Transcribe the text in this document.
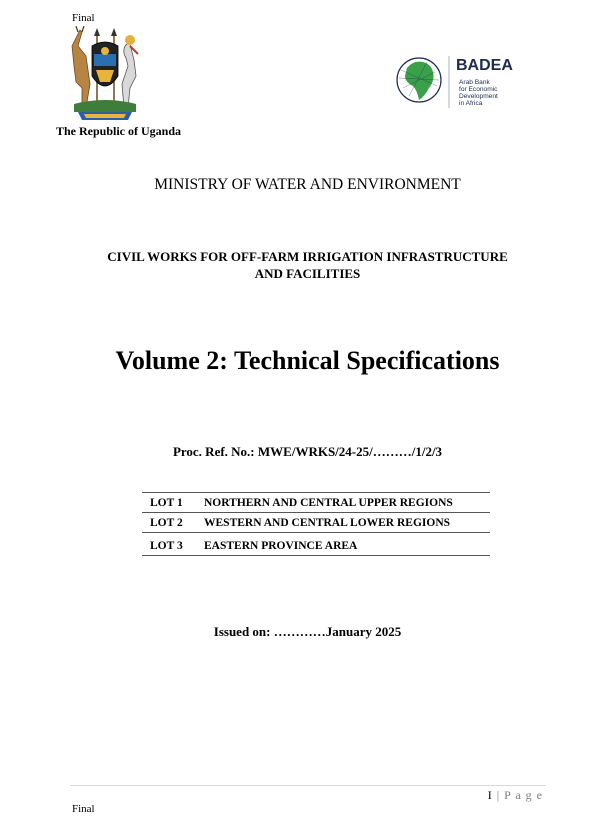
Final
The Republic of Uganda
BADEA
Arab Bank
for Economic
Development
in Africa
MINISTRY OF WATER AND ENVIRONMENT
CIVIL WORKS FOR OFF-FARM IRRIGATION INFRASTRUCTURE
AND FACILITIES
Volume 2: Technical Specifications
Proc. Ref. No.: MWE/WRKS/24-25/………/1/2/3
LOT 1	NORTHERN AND CENTRAL UPPER REGIONS
LOT 2	WESTERN AND CENTRAL LOWER REGIONS
LOT 3	EASTERN PROVINCE AREA
Issued on: …………January 2025
I | P a g e
Final
